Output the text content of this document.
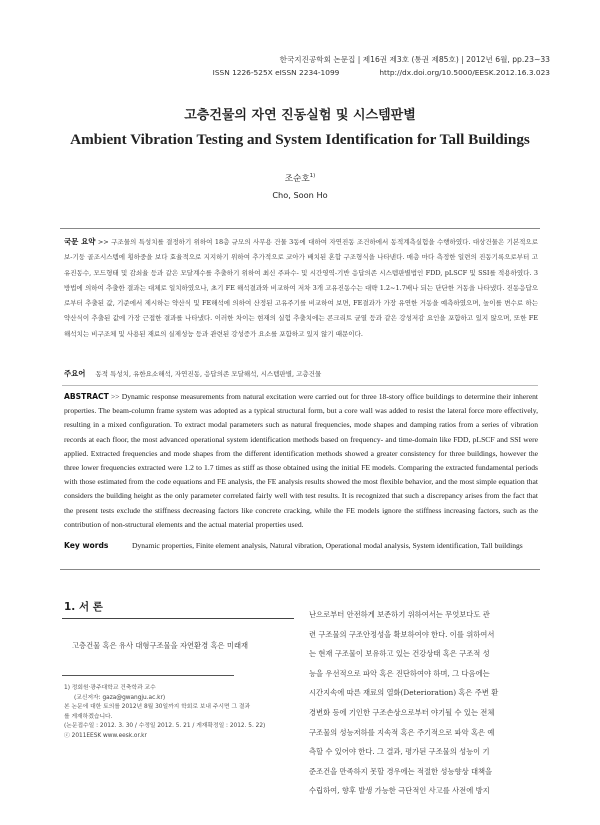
한국지진공학회 논문집 | 제16권 제3호 (통권 제85호) | 2012년 6월, pp.23~33
ISSN 1226-525X eISSN 2234-1099	http://dx.doi.org/10.5000/EESK.2012.16.3.023
고층건물의 자연 진동실험 및 시스템판별
Ambient Vibration Testing and System Identification for Tall Buildings
조순호$^{1)}$
Cho, Soon Ho
국문 요약 >> 구조물의 특성치를 결정하기 위하여 18층 규모의 사무용 건물 3동에 대하여 자연진동 조건하에서 동적계측실험을 수행하였다. 대상건물은 기본적으로 보-기둥 골조시스템에 횡하중을 보다 효율적으로 지지하기 위하여 추가적으로 코아가 배치된 혼합 구조형식을 나타낸다. 매층 마다 측정한 일련의 진동기록으로부터 고유진동수, 모드형태 및 감쇠율 등과 같은 모달계수를 추출하기 위하여 최신 주파수- 및 시간영역-기반 응답의존 시스템판별법인 FDD, pLSCF 및 SSI를 적용하였다. 3방법에 의하여 추출한 결과는 대체로 일치하였으나, 초기 FE 해석결과와 비교하여 저차 3개 고유진동수는 대략 1.2~1.7배나 되는 단단한 거동을 나타냈다. 진동응답으로부터 추출된 값, 기준에서 제시하는 약산식 및 FE해석에 의하여 산정된 고유주기를 비교하여 보면, FE결과가 가장 유연한 거동을 예측하였으며, 높이를 변수로 하는 약산식이 추출된 값에 가장 근접한 결과를 나타냈다. 이러한 차이는 현재의 실험 추출치에는 콘크리트 균열 등과 같은 강성저감 요인을 포함하고 있지 않으며, 또한 FE 해석치는 비구조체 및 사용된 재료의 실제성능 등과 관련된 강성증가 요소를 포함하고 있지 않기 때문이다.
주요어 동적 특성치, 유한요소해석, 자연진동, 응답의존 모달해석, 시스템판별, 고층건물
ABSTRACT >> Dynamic response measurements from natural excitation were carried out for three 18-story office buildings to determine their inherent properties. The beam-column frame system was adopted as a typical structural form, but a core wall was added to resist the lateral force more effectively, resulting in a mixed configuration. To extract modal parameters such as natural frequencies, mode shapes and damping ratios from a series of vibration records at each floor, the most advanced operational system identification methods based on frequency- and time-domain like FDD, pLSCF and SSI were applied. Extracted frequencies and mode shapes from the different identification methods showed a greater consistency for three buildings, however the three lower frequencies extracted were 1.2 to 1.7 times as stiff as those obtained using the initial FE models. Comparing the extracted fundamental periods with those estimated from the code equations and FE analysis, the FE analysis results showed the most flexible behavior, and the most simple equation that considers the building height as the only parameter correlated fairly well with test results. It is recognized that such a discrepancy arises from the fact that the present tests exclude the stiffness decreasing factors like concrete cracking, while the FE models ignore the stiffness increasing factors, such as the contribution of non-structural elements and the actual material properties used.
Key words	Dynamic properties, Finite element analysis, Natural vibration, Operational modal analysis, System identification, Tall buildings
1. 서 론
고층건물 혹은 유사 대형구조물을 자연환경 혹은 미래재
1) 정회원·광주대학교 건축학과 교수
(교신저자: gaza@gwangju.ac.kr)
본 논문에 대한 토의를 2012년 8월 30일까지 학회로 보내 주시면 그 결과
를 게재하겠습니다.
(논문접수일 : 2012. 3. 30 / 수정일 2012. 5. 21 / 게재확정일 : 2012. 5. 22)
ⓒ 2011EESK www.eesk.or.kr
난으로부터 안전하게 보존하기 위하여서는 무엇보다도 관
련 구조물의 구조안정성을 확보하여야 한다. 이를 위하여서
는 현재 구조물이 보유하고 있는 건강상태 혹은 구조적 성
능을 우선적으로 파악 혹은 진단하여야 하며, 그 다음에는
시간지속에 따른 재료의 열화(Deterioration) 혹은 주변 환
경변화 등에 기인한 구조손상으로부터 야기될 수 있는 전체
구조물의 성능저하를 지속적 혹은 주기적으로 파악 혹은 예
측할 수 있어야 한다. 그 결과, 평가된 구조물의 성능이 기
준조건을 만족하지 못할 경우에는 적절한 성능향상 대책을
수립하여, 향후 발생 가능한 극단적인 사고를 사전에 방지
